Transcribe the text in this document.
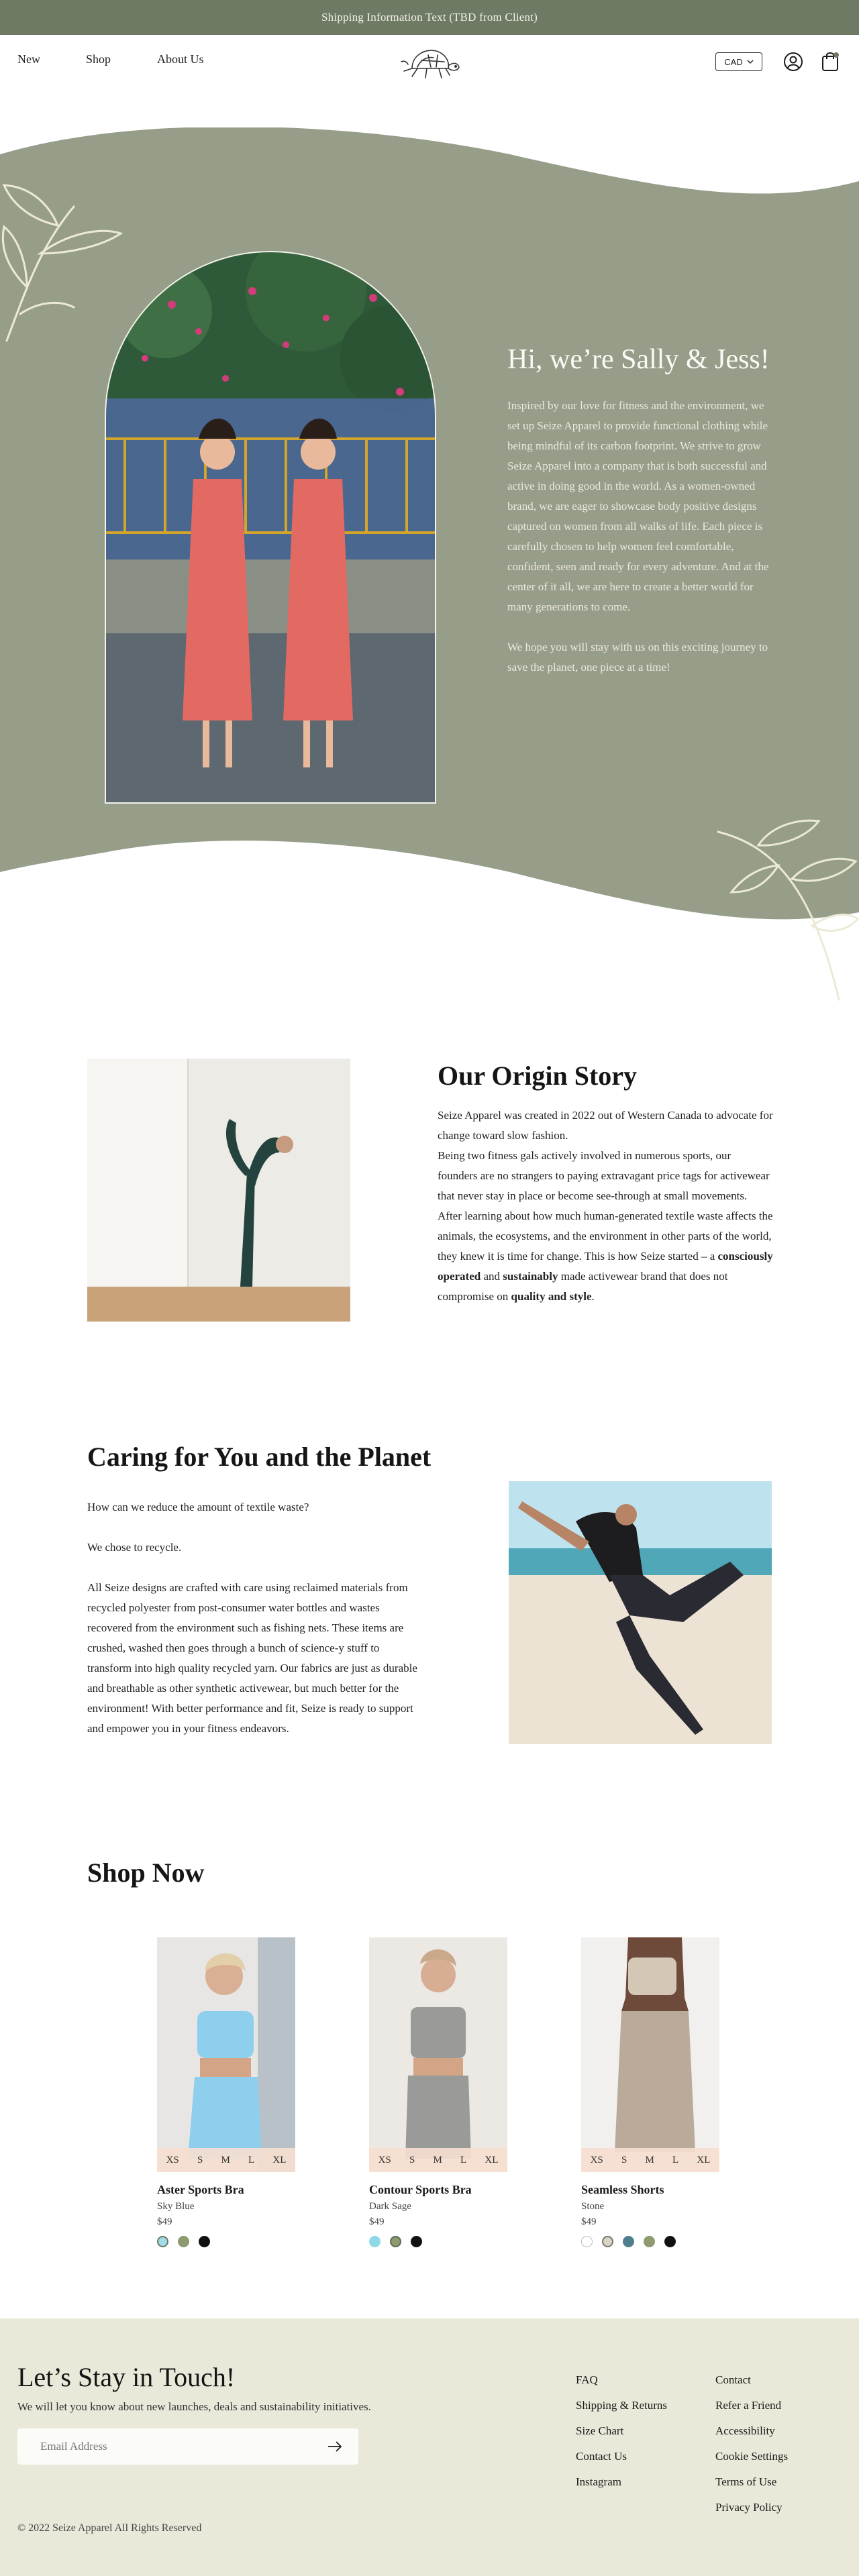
Shipping Information Text (TBD from Client)
New	Shop	About Us	CAD
Hi, we’re Sally & Jess!

Inspired by our love for fitness and the environment, we set up Seize Apparel to provide functional clothing while being mindful of its carbon footprint. We strive to grow Seize Apparel into a company that is both successful and active in doing good in the world. As a women-owned brand, we are eager to showcase body positive designs captured on women from all walks of life. Each piece is carefully chosen to help women feel comfortable, confident, seen and ready for every adventure. And at the center of it all, we are here to create a better world for many generations to come.

We hope you will stay with us on this exciting journey to save the planet, one piece at a time!

Our Origin Story

Seize Apparel was created in 2022 out of Western Canada to advocate for change toward slow fashion.

Being two fitness gals actively involved in numerous sports, our founders are no strangers to paying extravagant price tags for activewear that never stay in place or become see-through at small movements. After learning about how much human-generated textile waste affects the animals, the ecosystems, and the environment in other parts of the world, they knew it is time for change. This is how Seize started – a consciously operated and sustainably made activewear brand that does not compromise on quality and style.

Caring for You and the Planet

How can we reduce the amount of textile waste?

We chose to recycle.

All Seize designs are crafted with care using reclaimed materials from recycled polyester from post-consumer water bottles and wastes recovered from the environment such as fishing nets. These items are crushed, washed then goes through a bunch of science-y stuff to transform into high quality recycled yarn. Our fabrics are just as durable and breathable as other synthetic activewear, but much better for the environment! With better performance and fit, Seize is ready to support and empower you in your fitness endeavors.

Shop Now
XS S M L XL
Aster Sports Bra
Sky Blue
$49
XS S M L XL
Contour Sports Bra
Dark Sage
$49
XS S M L XL
Seamless Shorts
Stone
$49
Let’s Stay in Touch!
We will let you know about new launches, deals and sustainability initiatives.
Email Address
FAQ
Shipping & Returns
Size Chart
Contact Us
Instagram
Contact
Refer a Friend
Accessibility
Cookie Settings
Terms of Use
Privacy Policy
© 2022 Seize Apparel All Rights Reserved
